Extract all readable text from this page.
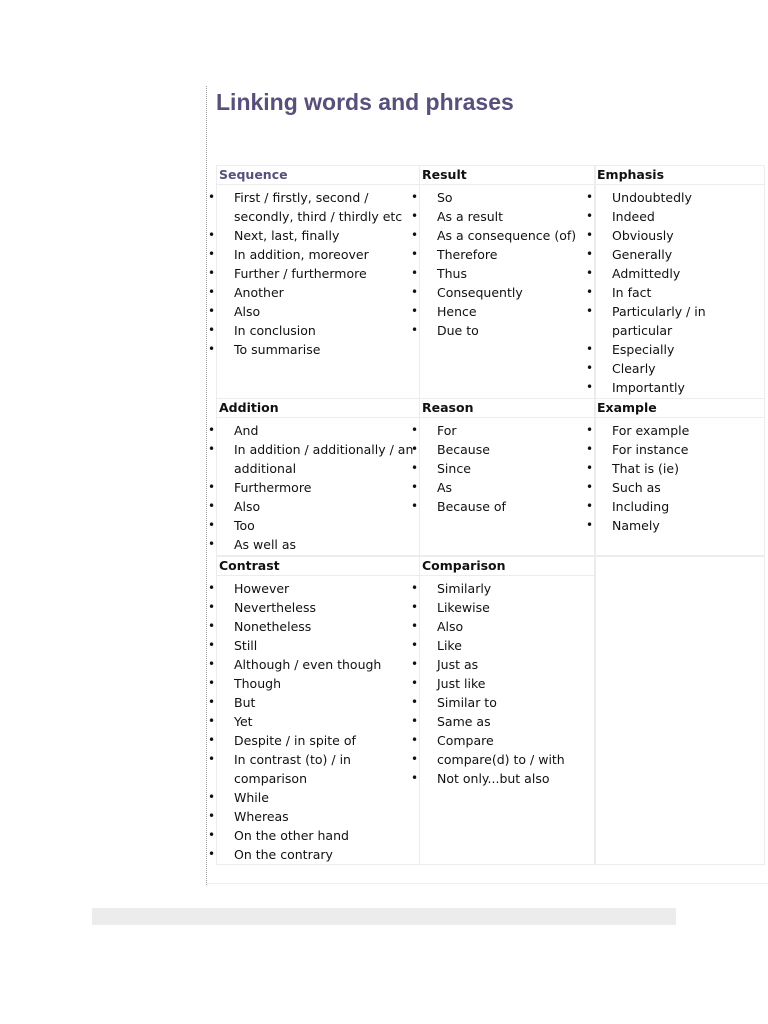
Linking words and phrases
Sequence
• First / firstly, second /
secondly, third / thirdly etc
• Next, last, finally
• In addition, moreover
• Further / furthermore
• Another
• Also
• In conclusion
• To summarise
Result
• So
• As a result
• As a consequence (of)
• Therefore
• Thus
• Consequently
• Hence
• Due to
Emphasis
• Undoubtedly
• Indeed
• Obviously
• Generally
• Admittedly
• In fact
• Particularly / in
particular
• Especially
• Clearly
• Importantly
Addition
• And
• In addition / additionally / an
additional
• Furthermore
• Also
• Too
• As well as
Reason
• For
• Because
• Since
• As
• Because of
Example
• For example
• For instance
• That is (ie)
• Such as
• Including
• Namely
Contrast
• However
• Nevertheless
• Nonetheless
• Still
• Although / even though
• Though
• But
• Yet
• Despite / in spite of
• In contrast (to) / in
comparison
• While
• Whereas
• On the other hand
• On the contrary
Comparison
• Similarly
• Likewise
• Also
• Like
• Just as
• Just like
• Similar to
• Same as
• Compare
• compare(d) to / with
• Not only...but also
